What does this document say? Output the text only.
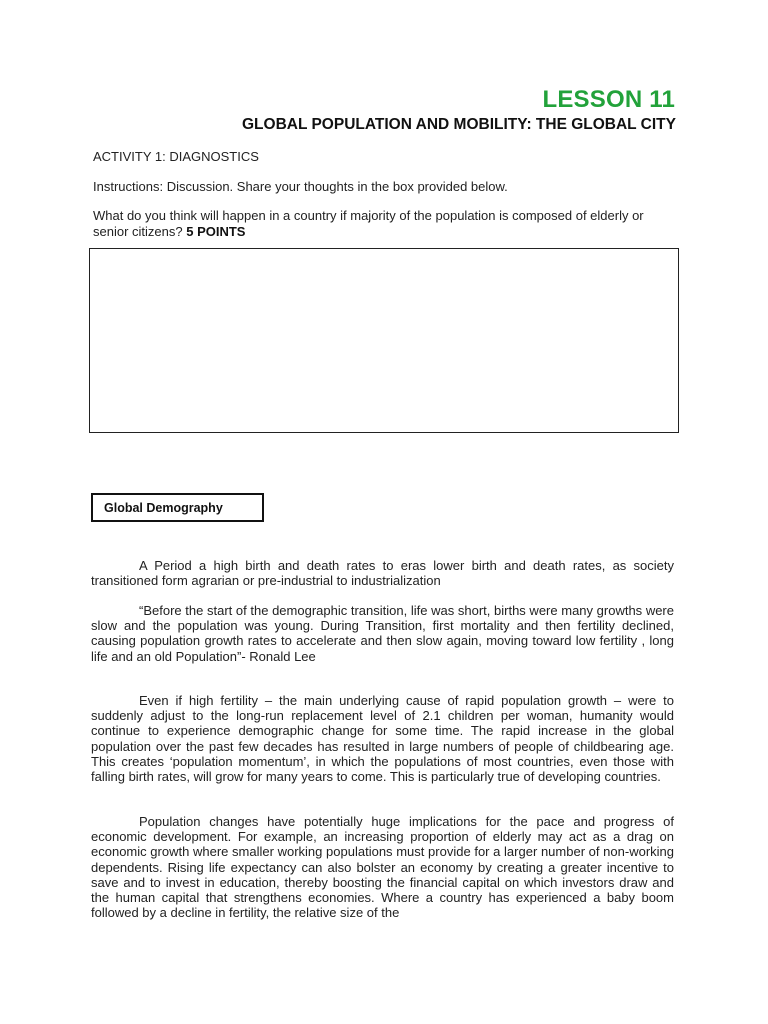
LESSON 11
GLOBAL POPULATION AND MOBILITY: THE GLOBAL CITY
ACTIVITY 1: DIAGNOSTICS
Instructions: Discussion. Share your thoughts in the box provided below.
What do you think will happen in a country if majority of the population is composed of elderly or senior citizens? 5 POINTS
Global Demography

A Period a high birth and death rates to eras lower birth and death rates, as society transitioned form agrarian or pre-industrial to industrialization

“Before the start of the demographic transition, life was short, births were many growths were slow and the population was young. During Transition, first mortality and then fertility declined, causing population growth rates to accelerate and then slow again, moving toward low fertility , long life and an old Population”- Ronald Lee

Even if high fertility – the main underlying cause of rapid population growth – were to suddenly adjust to the long-run replacement level of 2.1 children per woman, humanity would continue to experience demographic change for some time. The rapid increase in the global population over the past few decades has resulted in large numbers of people of childbearing age. This creates ‘population momentum’, in which the populations of most countries, even those with falling birth rates, will grow for many years to come. This is particularly true of developing countries.

Population changes have potentially huge implications for the pace and progress of economic development. For example, an increasing proportion of elderly may act as a drag on economic growth where smaller working populations must provide for a larger number of non-working dependents. Rising life expectancy can also bolster an economy by creating a greater incentive to save and to invest in education, thereby boosting the financial capital on which investors draw and the human capital that strengthens economies. Where a country has experienced a baby boom followed by a decline in fertility, the relative size of the
